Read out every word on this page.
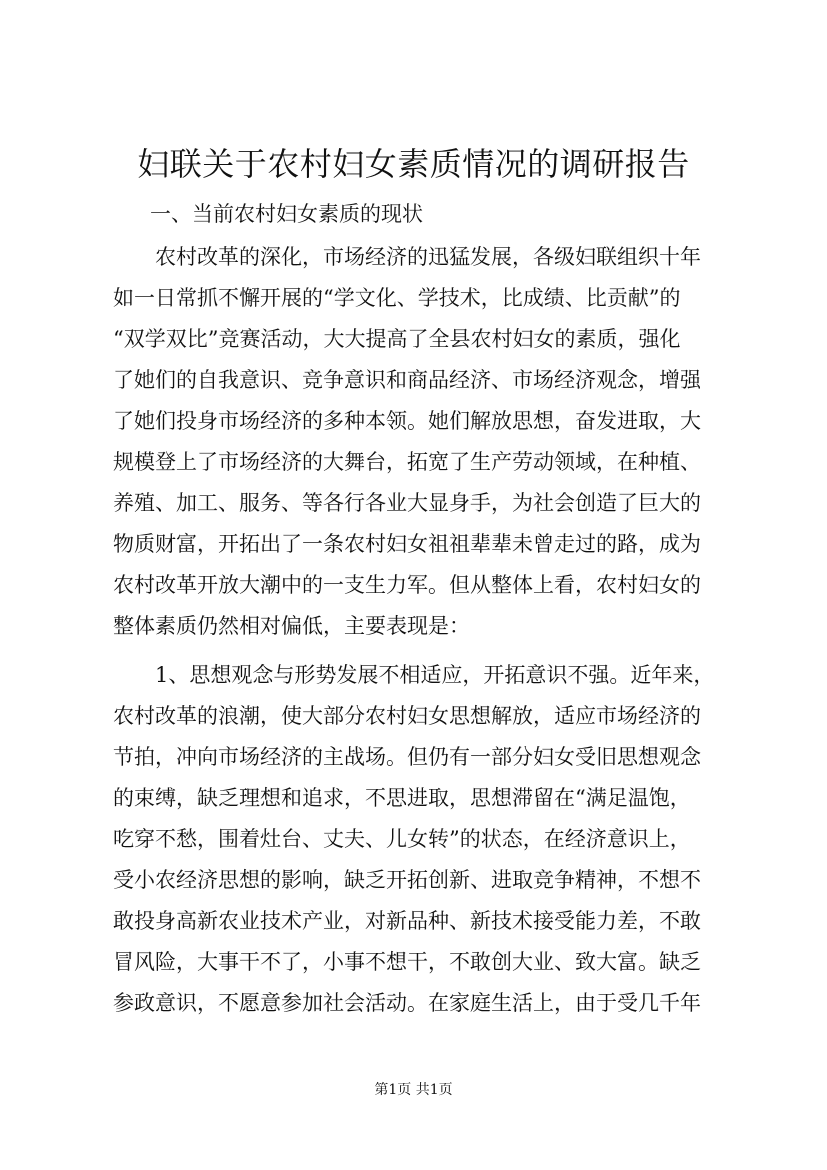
妇联关于农村妇女素质情况的调研报告
一、当前农村妇女素质的现状
农村改革的深化，市场经济的迅猛发展，各级妇联组织十年
如一日常抓不懈开展的“学文化、学技术，比成绩、比贡献”的
“双学双比”竞赛活动，大大提高了全县农村妇女的素质，强化
了她们的自我意识、竞争意识和商品经济、市场经济观念，增强
了她们投身市场经济的多种本领。她们解放思想，奋发进取，大
规模登上了市场经济的大舞台，拓宽了生产劳动领域，在种植、
养殖、加工、服务、等各行各业大显身手，为社会创造了巨大的
物质财富，开拓出了一条农村妇女祖祖辈辈未曾走过的路，成为
农村改革开放大潮中的一支生力军。但从整体上看，农村妇女的
整体素质仍然相对偏低，主要表现是：
1、思想观念与形势发展不相适应，开拓意识不强。近年来，
农村改革的浪潮，使大部分农村妇女思想解放，适应市场经济的
节拍，冲向市场经济的主战场。但仍有一部分妇女受旧思想观念
的束缚，缺乏理想和追求，不思进取，思想滞留在“满足温饱，
吃穿不愁，围着灶台、丈夫、儿女转”的状态，在经济意识上，
受小农经济思想的影响，缺乏开拓创新、进取竞争精神，不想不
敢投身高新农业技术产业，对新品种、新技术接受能力差，不敢
冒风险，大事干不了，小事不想干，不敢创大业、致大富。缺乏
参政意识，不愿意参加社会活动。在家庭生活上，由于受几千年
第1页 共1页
